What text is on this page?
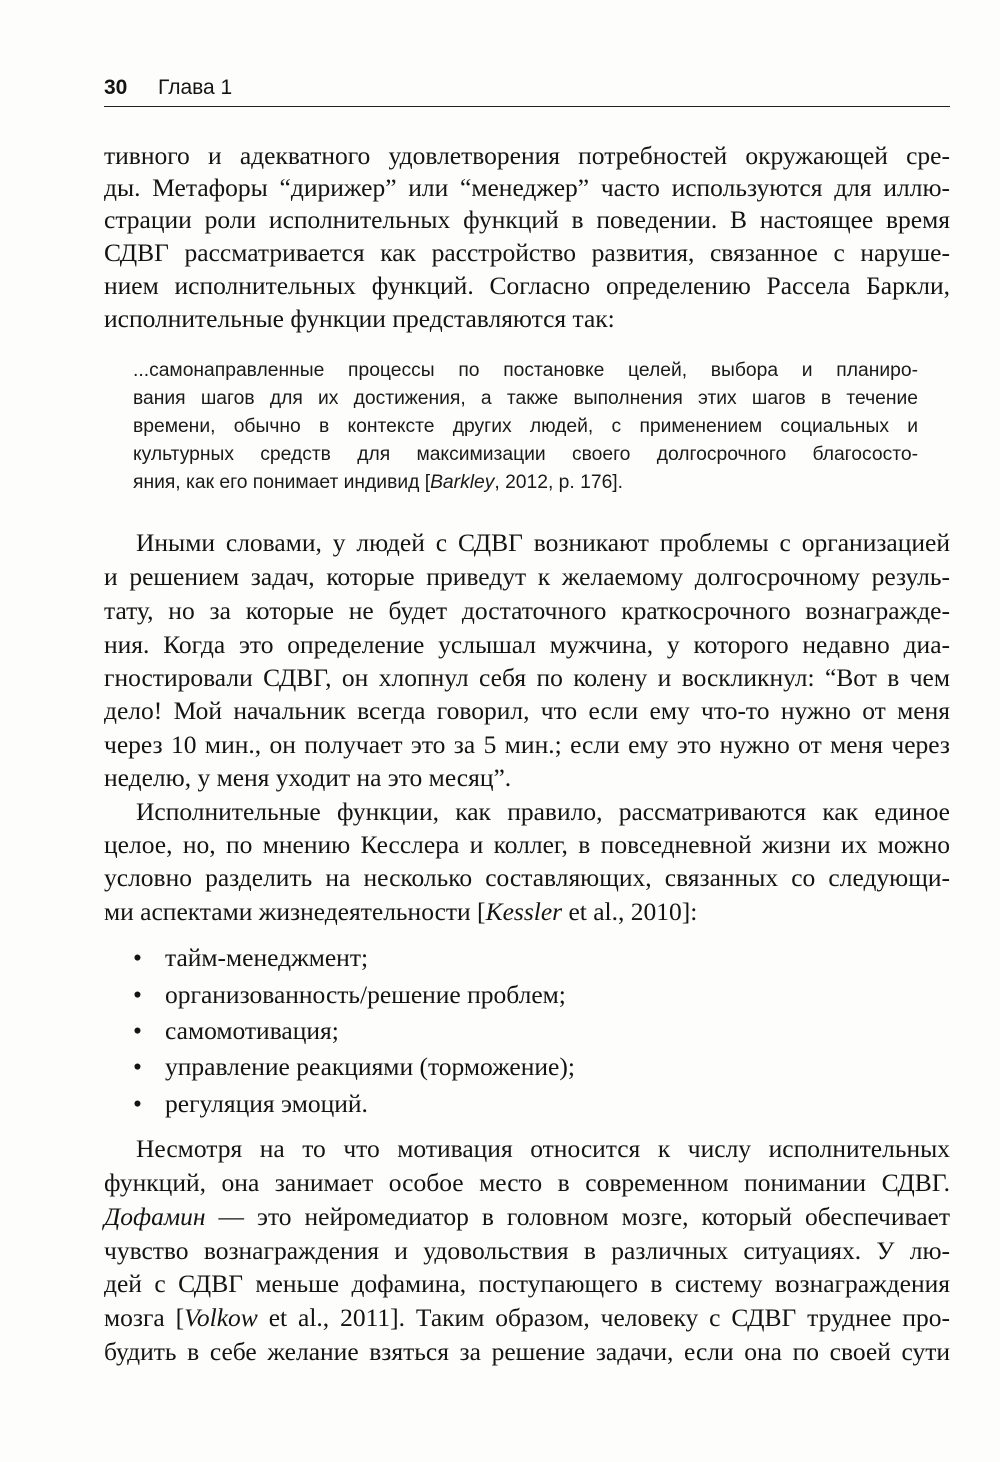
30 Глава 1
тивного и адекватного удовлетворения потребностей окружающей сре-
ды. Метафоры “дирижер” или “менеджер” часто используются для иллю-
страции роли исполнительных функций в поведении. В настоящее время
СДВГ рассматривается как расстройство развития, связанное с наруше-
нием исполнительных функций. Согласно определению Рассела Баркли,
исполнительные функции представляются так:
...самонаправленные процессы по постановке целей, выбора и планиро-
вания шагов для их достижения, а также выполнения этих шагов в течение
времени, обычно в контексте других людей, с применением социальных и
культурных средств для максимизации своего долгосрочного благососто-
яния, как его понимает индивид [Barkley, 2012, p. 176].
Иными словами, у людей с СДВГ возникают проблемы с организацией
и решением задач, которые приведут к желаемому долгосрочному резуль-
тату, но за которые не будет достаточного краткосрочного вознагражде-
ния. Когда это определение услышал мужчина, у которого недавно диа-
гностировали СДВГ, он хлопнул себя по колену и воскликнул: “Вот в чем
дело! Мой начальник всегда говорил, что если ему что-то нужно от меня
через 10 мин., он получает это за 5 мин.; если ему это нужно от меня через
неделю, у меня уходит на это месяц”.
Исполнительные функции, как правило, рассматриваются как единое
целое, но, по мнению Кесслера и коллег, в повседневной жизни их можно
условно разделить на несколько составляющих, связанных со следующи-
ми аспектами жизнедеятельности [Kessler et al., 2010]:
• тайм-менеджмент;
• организованность/решение проблем;
• самомотивация;
• управление реакциями (торможение);
• регуляция эмоций.
Несмотря на то что мотивация относится к числу исполнительных
функций, она занимает особое место в современном понимании СДВГ.
Дофамин — это нейромедиатор в головном мозге, который обеспечивает
чувство вознаграждения и удовольствия в различных ситуациях. У лю-
дей с СДВГ меньше дофамина, поступающего в систему вознаграждения
мозга [Volkow et al., 2011]. Таким образом, человеку с СДВГ труднее про-
будить в себе желание взяться за решение задачи, если она по своей сути
